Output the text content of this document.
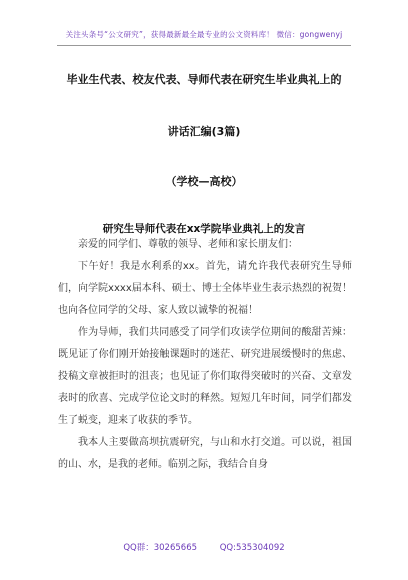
关注头条号“公文研究”，获得最新最全最专业的公文资料库！ 微信：gongwenyj
毕业生代表、校友代表、导师代表在研究生毕业典礼上的
讲话汇编(3篇)
（学校—高校）
研究生导师代表在xx学院毕业典礼上的发言

亲爱的同学们、尊敬的领导、老师和家长朋友们：

下午好！我是水利系的xx。首先，请允许我代表研究生导师们，向学院xxxx届本科、硕士、博士全体毕业生表示热烈的祝贺！也向各位同学的父母、家人致以诚挚的祝福！

作为导师，我们共同感受了同学们攻读学位期间的酸甜苦辣：既见证了你们刚开始接触课题时的迷茫、研究进展缓慢时的焦虑、投稿文章被拒时的沮丧；也见证了你们取得突破时的兴奋、文章发表时的欣喜、完成学位论文时的释然。短短几年时间，同学们都发生了蜕变，迎来了收获的季节。

我本人主要做高坝抗震研究，与山和水打交道。可以说，祖国的山、水，是我的老师。临别之际，我结合自身

QQ群：30265665	QQ:535304092
